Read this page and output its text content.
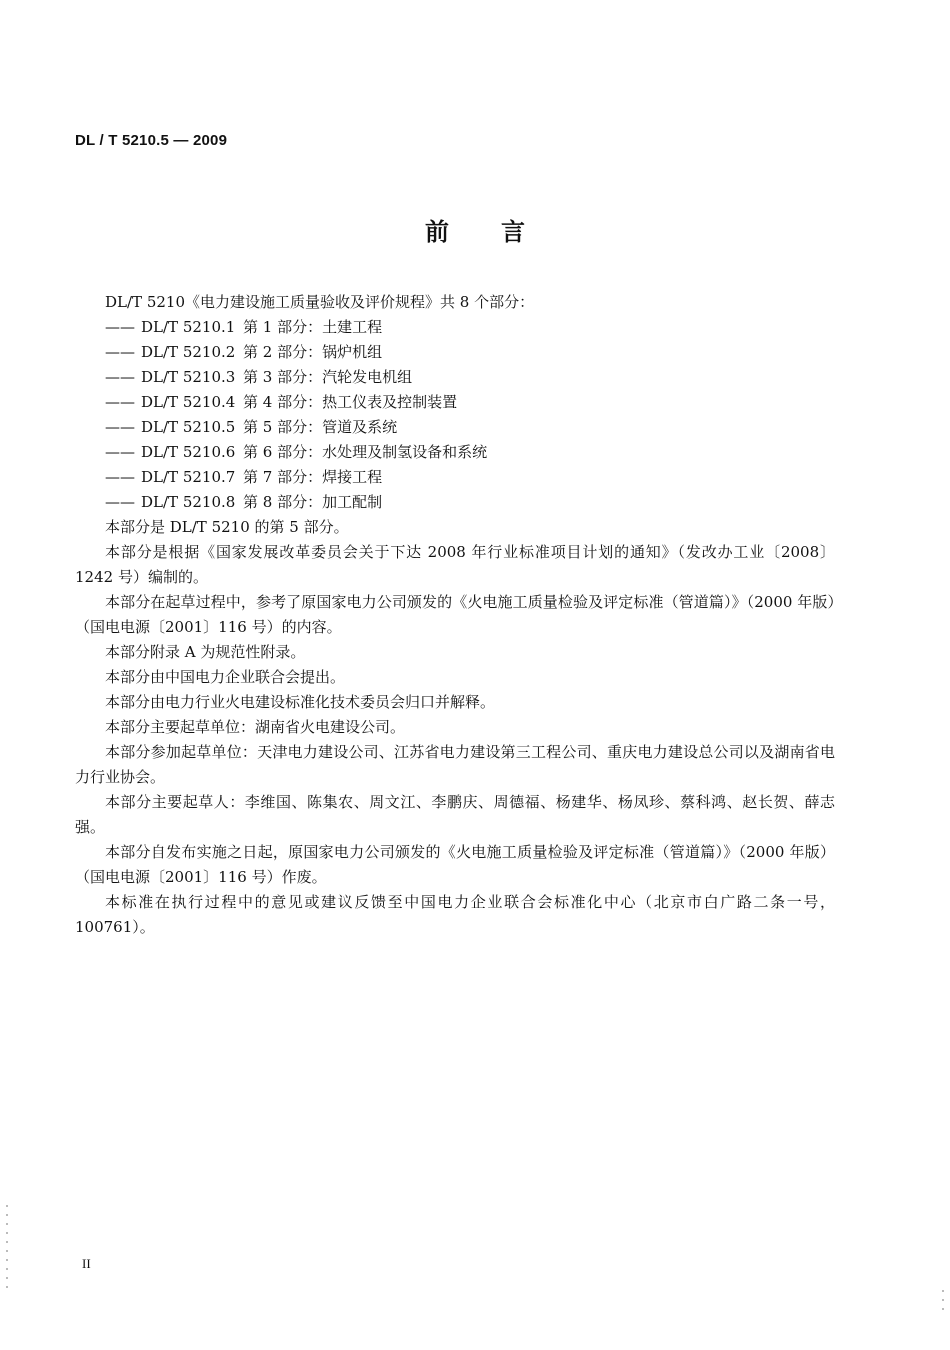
DL / T 5210.5 — 2009
前 言

DL/T 5210《电力建设施工质量验收及评价规程》共 8 个部分：

—— DL/T 5210.1 第 1 部分：土建工程
—— DL/T 5210.2 第 2 部分：锅炉机组
—— DL/T 5210.3 第 3 部分：汽轮发电机组
—— DL/T 5210.4 第 4 部分：热工仪表及控制装置
—— DL/T 5210.5 第 5 部分：管道及系统
—— DL/T 5210.6 第 6 部分：水处理及制氢设备和系统
—— DL/T 5210.7 第 7 部分：焊接工程
—— DL/T 5210.8 第 8 部分：加工配制

本部分是 DL/T 5210 的第 5 部分。

本部分是根据《国家发展改革委员会关于下达 2008 年行业标准项目计划的通知》（发改办工业〔2008〕1242 号）编制的。

本部分在起草过程中，参考了原国家电力公司颁发的《火电施工质量检验及评定标准（管道篇）》（2000 年版）（国电电源〔2001〕116 号）的内容。

本部分附录 A 为规范性附录。

本部分由中国电力企业联合会提出。

本部分由电力行业火电建设标准化技术委员会归口并解释。

本部分主要起草单位：湖南省火电建设公司。

本部分参加起草单位：天津电力建设公司、江苏省电力建设第三工程公司、重庆电力建设总公司以及湖南省电力行业协会。

本部分主要起草人：李维国、陈集农、周文江、李鹏庆、周德福、杨建华、杨凤珍、蔡科鸿、赵长贺、薛志强。

本部分自发布实施之日起，原国家电力公司颁发的《火电施工质量检验及评定标准（管道篇）》（2000 年版）（国电电源〔2001〕116 号）作废。

本标准在执行过程中的意见或建议反馈至中国电力企业联合会标准化中心（北京市白广路二条一号，100761）。

II
